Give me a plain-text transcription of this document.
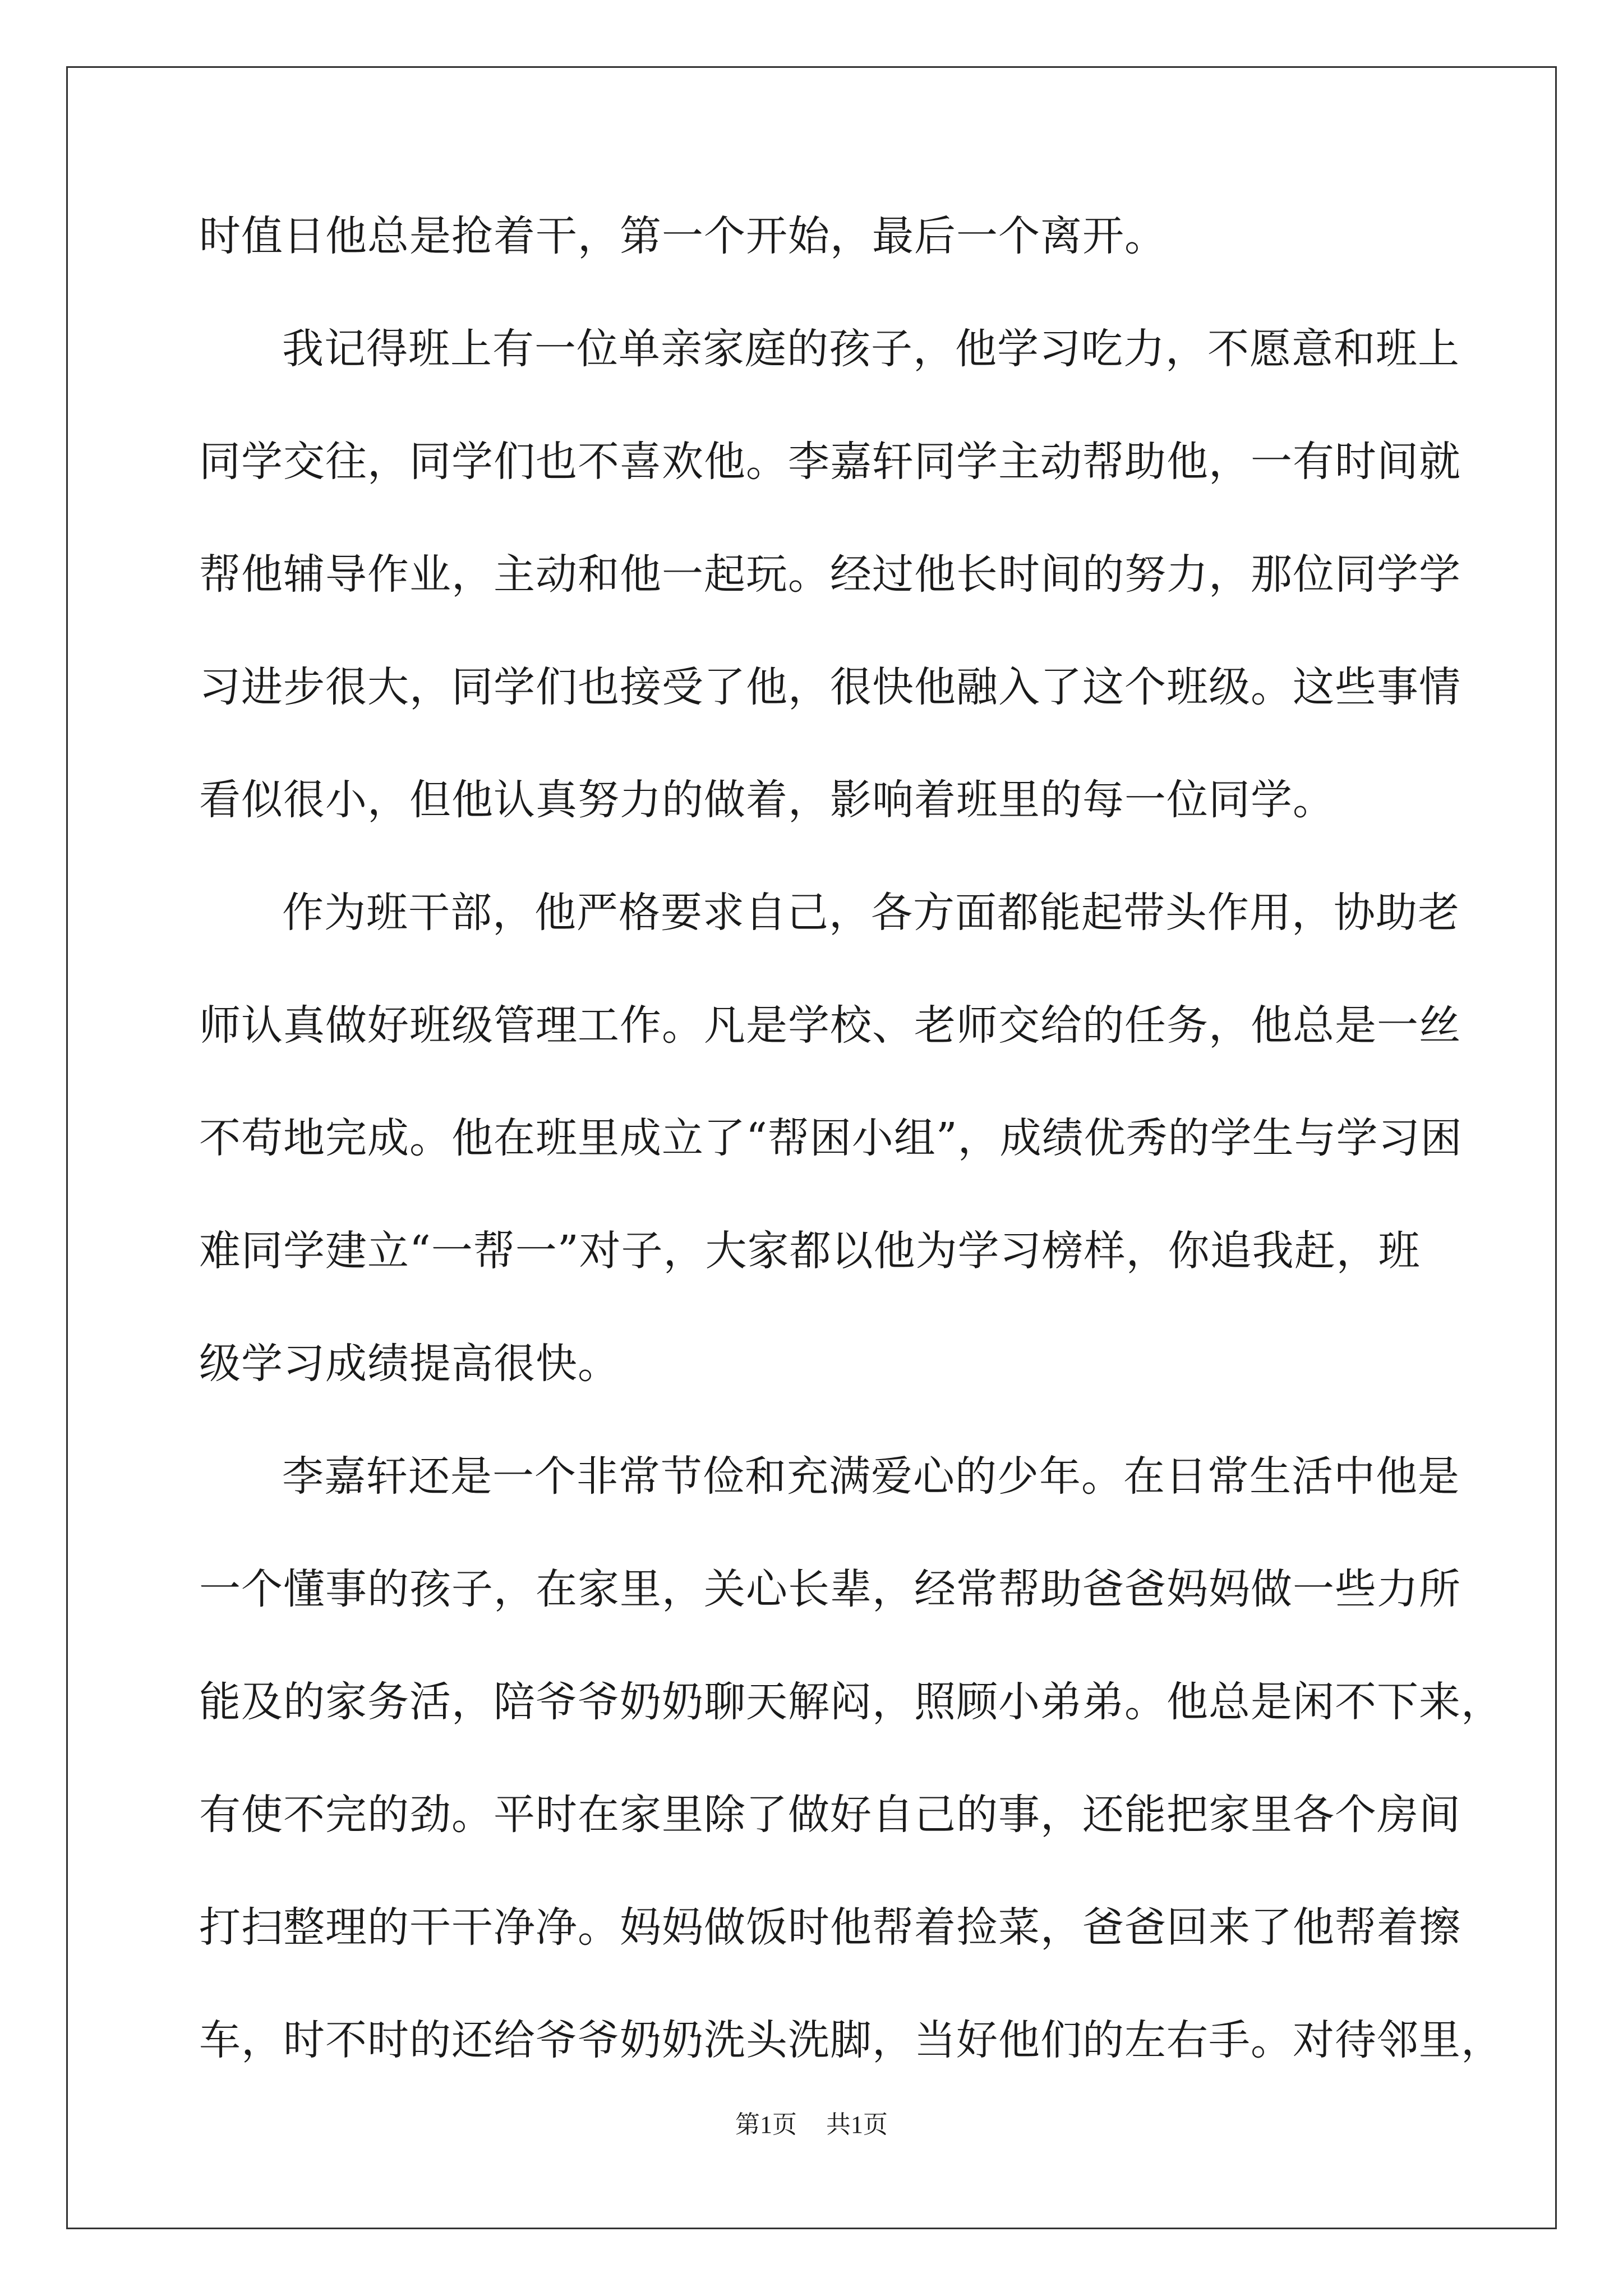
时值日他总是抢着干，第一个开始，最后一个离开。
我记得班上有一位单亲家庭的孩子，他学习吃力，不愿意和班上
同学交往，同学们也不喜欢他。李嘉轩同学主动帮助他，一有时间就
帮他辅导作业，主动和他一起玩。经过他长时间的努力，那位同学学
习进步很大，同学们也接受了他，很快他融入了这个班级。这些事情
看似很小，但他认真努力的做着，影响着班里的每一位同学。
作为班干部，他严格要求自己，各方面都能起带头作用，协助老
师认真做好班级管理工作。凡是学校、老师交给的任务，他总是一丝
不苟地完成。他在班里成立了“帮困小组”，成绩优秀的学生与学习困
难同学建立“一帮一”对子，大家都以他为学习榜样，你追我赶，班
级学习成绩提高很快。
李嘉轩还是一个非常节俭和充满爱心的少年。在日常生活中他是
一个懂事的孩子，在家里，关心长辈，经常帮助爸爸妈妈做一些力所
能及的家务活，陪爷爷奶奶聊天解闷，照顾小弟弟。他总是闲不下来，
有使不完的劲。平时在家里除了做好自己的事，还能把家里各个房间
打扫整理的干干净净。妈妈做饭时他帮着捡菜，爸爸回来了他帮着擦
车，时不时的还给爷爷奶奶洗头洗脚，当好他们的左右手。对待邻里，
第1页 共1页
